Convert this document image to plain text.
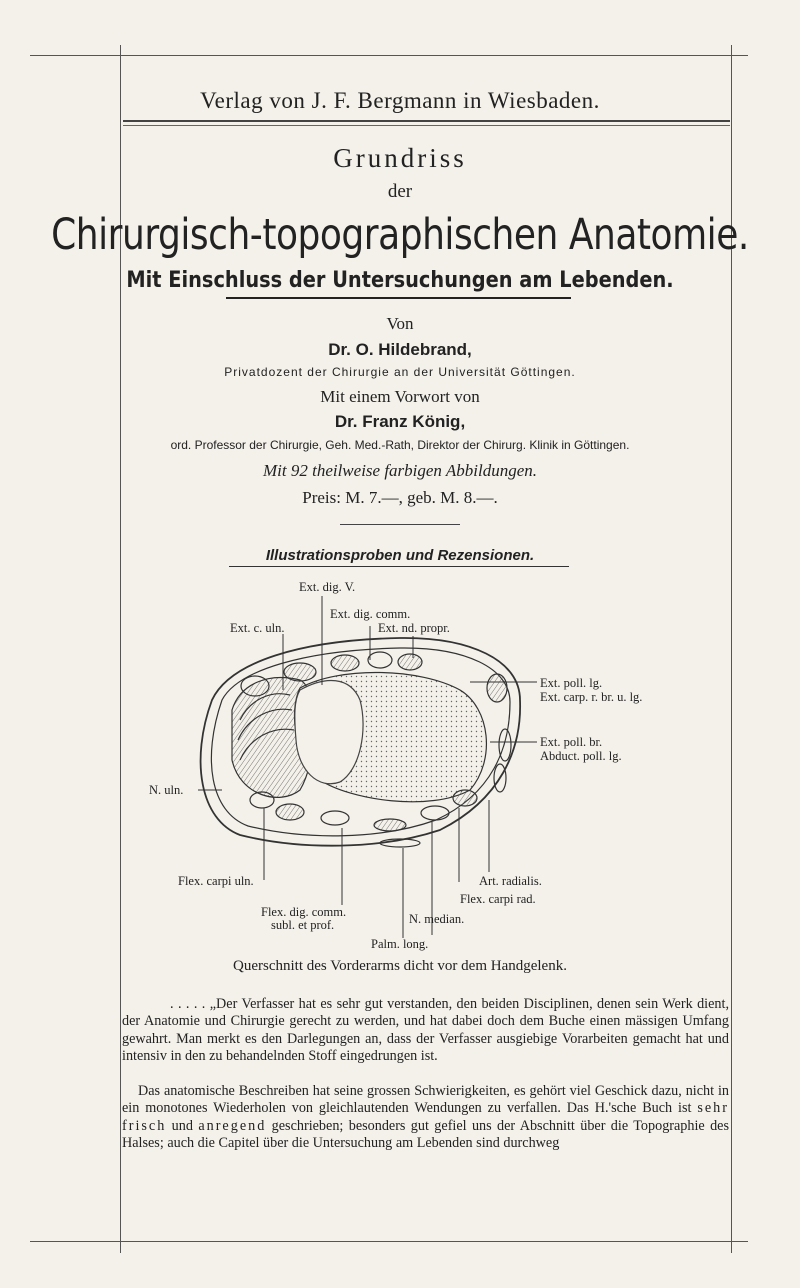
Verlag von J. F. Bergmann in Wiesbaden.
Grundriss
der
Chirurgisch-topographischen Anatomie.
Mit Einschluss der Untersuchungen am Lebenden.
Von
Dr. O. Hildebrand,
Privatdozent der Chirurgie an der Universität Göttingen.
Mit einem Vorwort von
Dr. Franz König,
ord. Professor der Chirurgie, Geh. Med.-Rath, Direktor der Chirurg. Klinik in Göttingen.
Mit 92 theilweise farbigen Abbildungen.
Preis: M. 7.—, geb. M. 8.—.
Illustrationsproben und Rezensionen.
Ext. dig. V.
Ext. dig. comm.
Ext. c. uln.	Ext. nd. propr.
Ext. poll. lg.
Ext. carp. r. br. u. lg.
Ext. poll. br.
Abduct. poll. lg.
N. uln.
Flex. carpi uln.	Art. radialis.
Flex. carpi rad.
Flex. dig. comm.
subl. et prof.	N. median.
Palm. long.
Querschnitt des Vorderarms dicht vor dem Handgelenk.
. . . . . „Der Verfasser hat es sehr gut verstanden, den beiden Disciplinen, denen sein Werk dient, der Anatomie und Chirurgie gerecht zu werden, und hat dabei doch dem Buche einen mässigen Umfang gewahrt. Man merkt es den Darlegungen an, dass der Verfasser ausgiebige Vorarbeiten gemacht hat und intensiv in den zu behandelnden Stoff eingedrungen ist.
Das anatomische Beschreiben hat seine grossen Schwierigkeiten, es gehört viel Geschick dazu, nicht in ein monotones Wiederholen von gleichlautenden Wendungen zu verfallen. Das H.'sche Buch ist sehr frisch und anregend geschrieben; besonders gut gefiel uns der Abschnitt über die Topographie des Halses; auch die Capitel über die Untersuchung am Lebenden sind durchweg
